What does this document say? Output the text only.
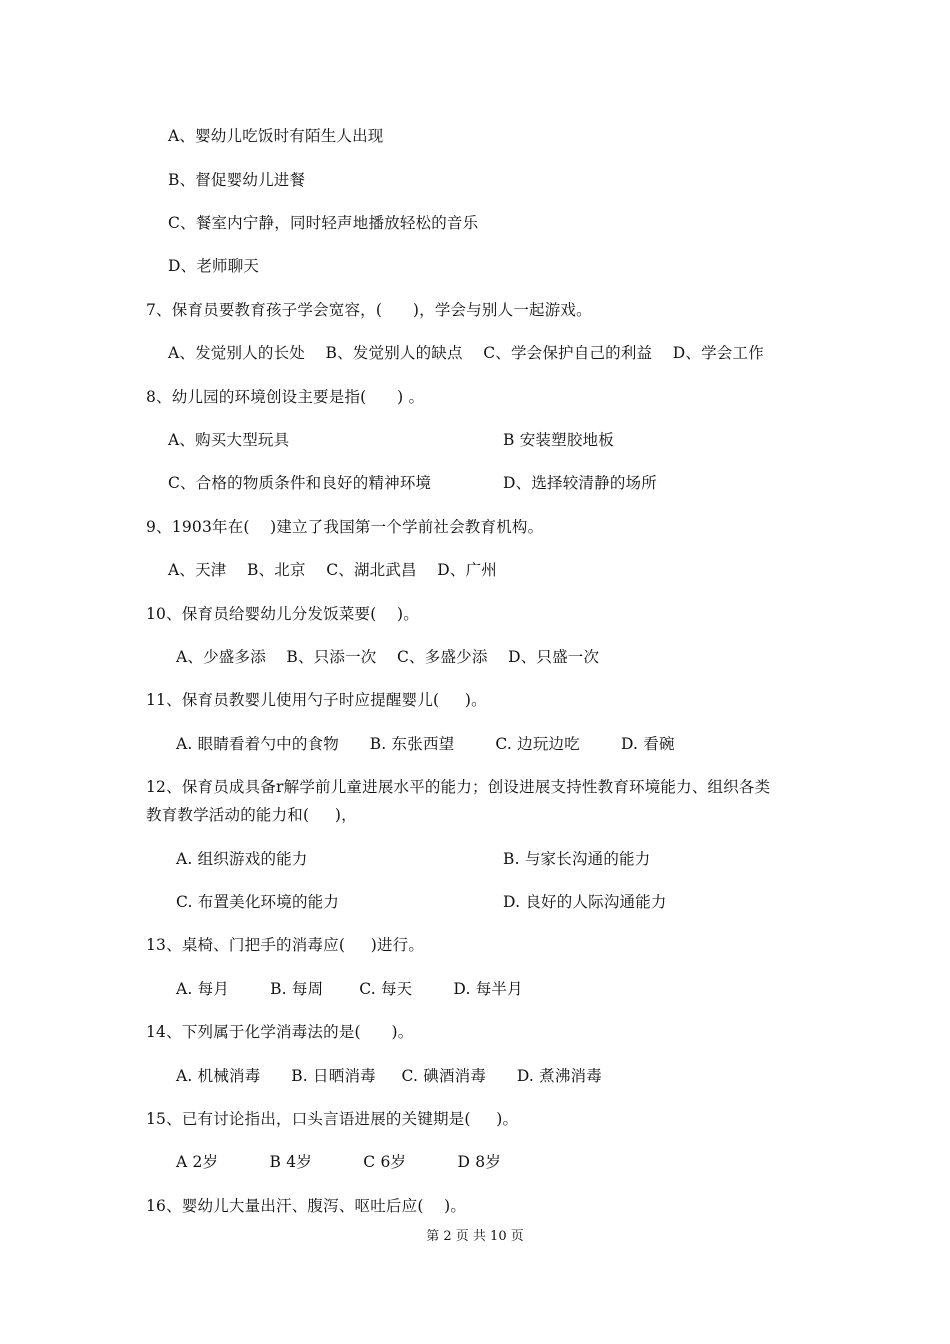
A、婴幼儿吃饭时有陌生人出现
B、督促婴幼儿进餐
C、餐室内宁静，同时轻声地播放轻松的音乐
D、老师聊天
7、保育员要教育孩子学会宽容，(      )，学会与别人一起游戏。
A、发觉别人的长处    B、发觉别人的缺点    C、学会保护自己的利益    D、学会工作
8、幼儿园的环境创设主要是指(      ) 。
A、购买大型玩具	B 安装塑胶地板
C、合格的物质条件和良好的精神环境	D、选择较清静的场所
9、1903年在(    )建立了我国第一个学前社会教育机构。
A、天津    B、北京    C、湖北武昌    D、广州
10、保育员给婴幼儿分发饭菜要(    )。
A、少盛多添    B、只添一次    C、多盛少添    D、只盛一次
11、保育员教婴儿使用勺子时应提醒婴儿(     )。
A. 眼睛看着勺中的食物      B. 东张西望        C. 边玩边吃        D. 看碗
12、保育员成具备r解学前儿童进展水平的能力；创设进展支持性教育环境能力、组织各类
教育教学活动的能力和(     )，
A. 组织游戏的能力	B. 与家长沟通的能力
C. 布置美化环境的能力	D. 良好的人际沟通能力
13、桌椅、门把手的消毒应(     )进行。
A. 每月        B. 每周       C. 每天        D. 每半月
14、下列属于化学消毒法的是(      )。
A. 机械消毒      B. 日晒消毒     C. 碘酒消毒      D. 煮沸消毒
15、已有讨论指出，口头言语进展的关键期是(     )。
A 2岁          B 4岁          C 6岁          D 8岁
16、婴幼儿大量出汗、腹泻、呕吐后应(    )。
第 2 页 共 10 页
